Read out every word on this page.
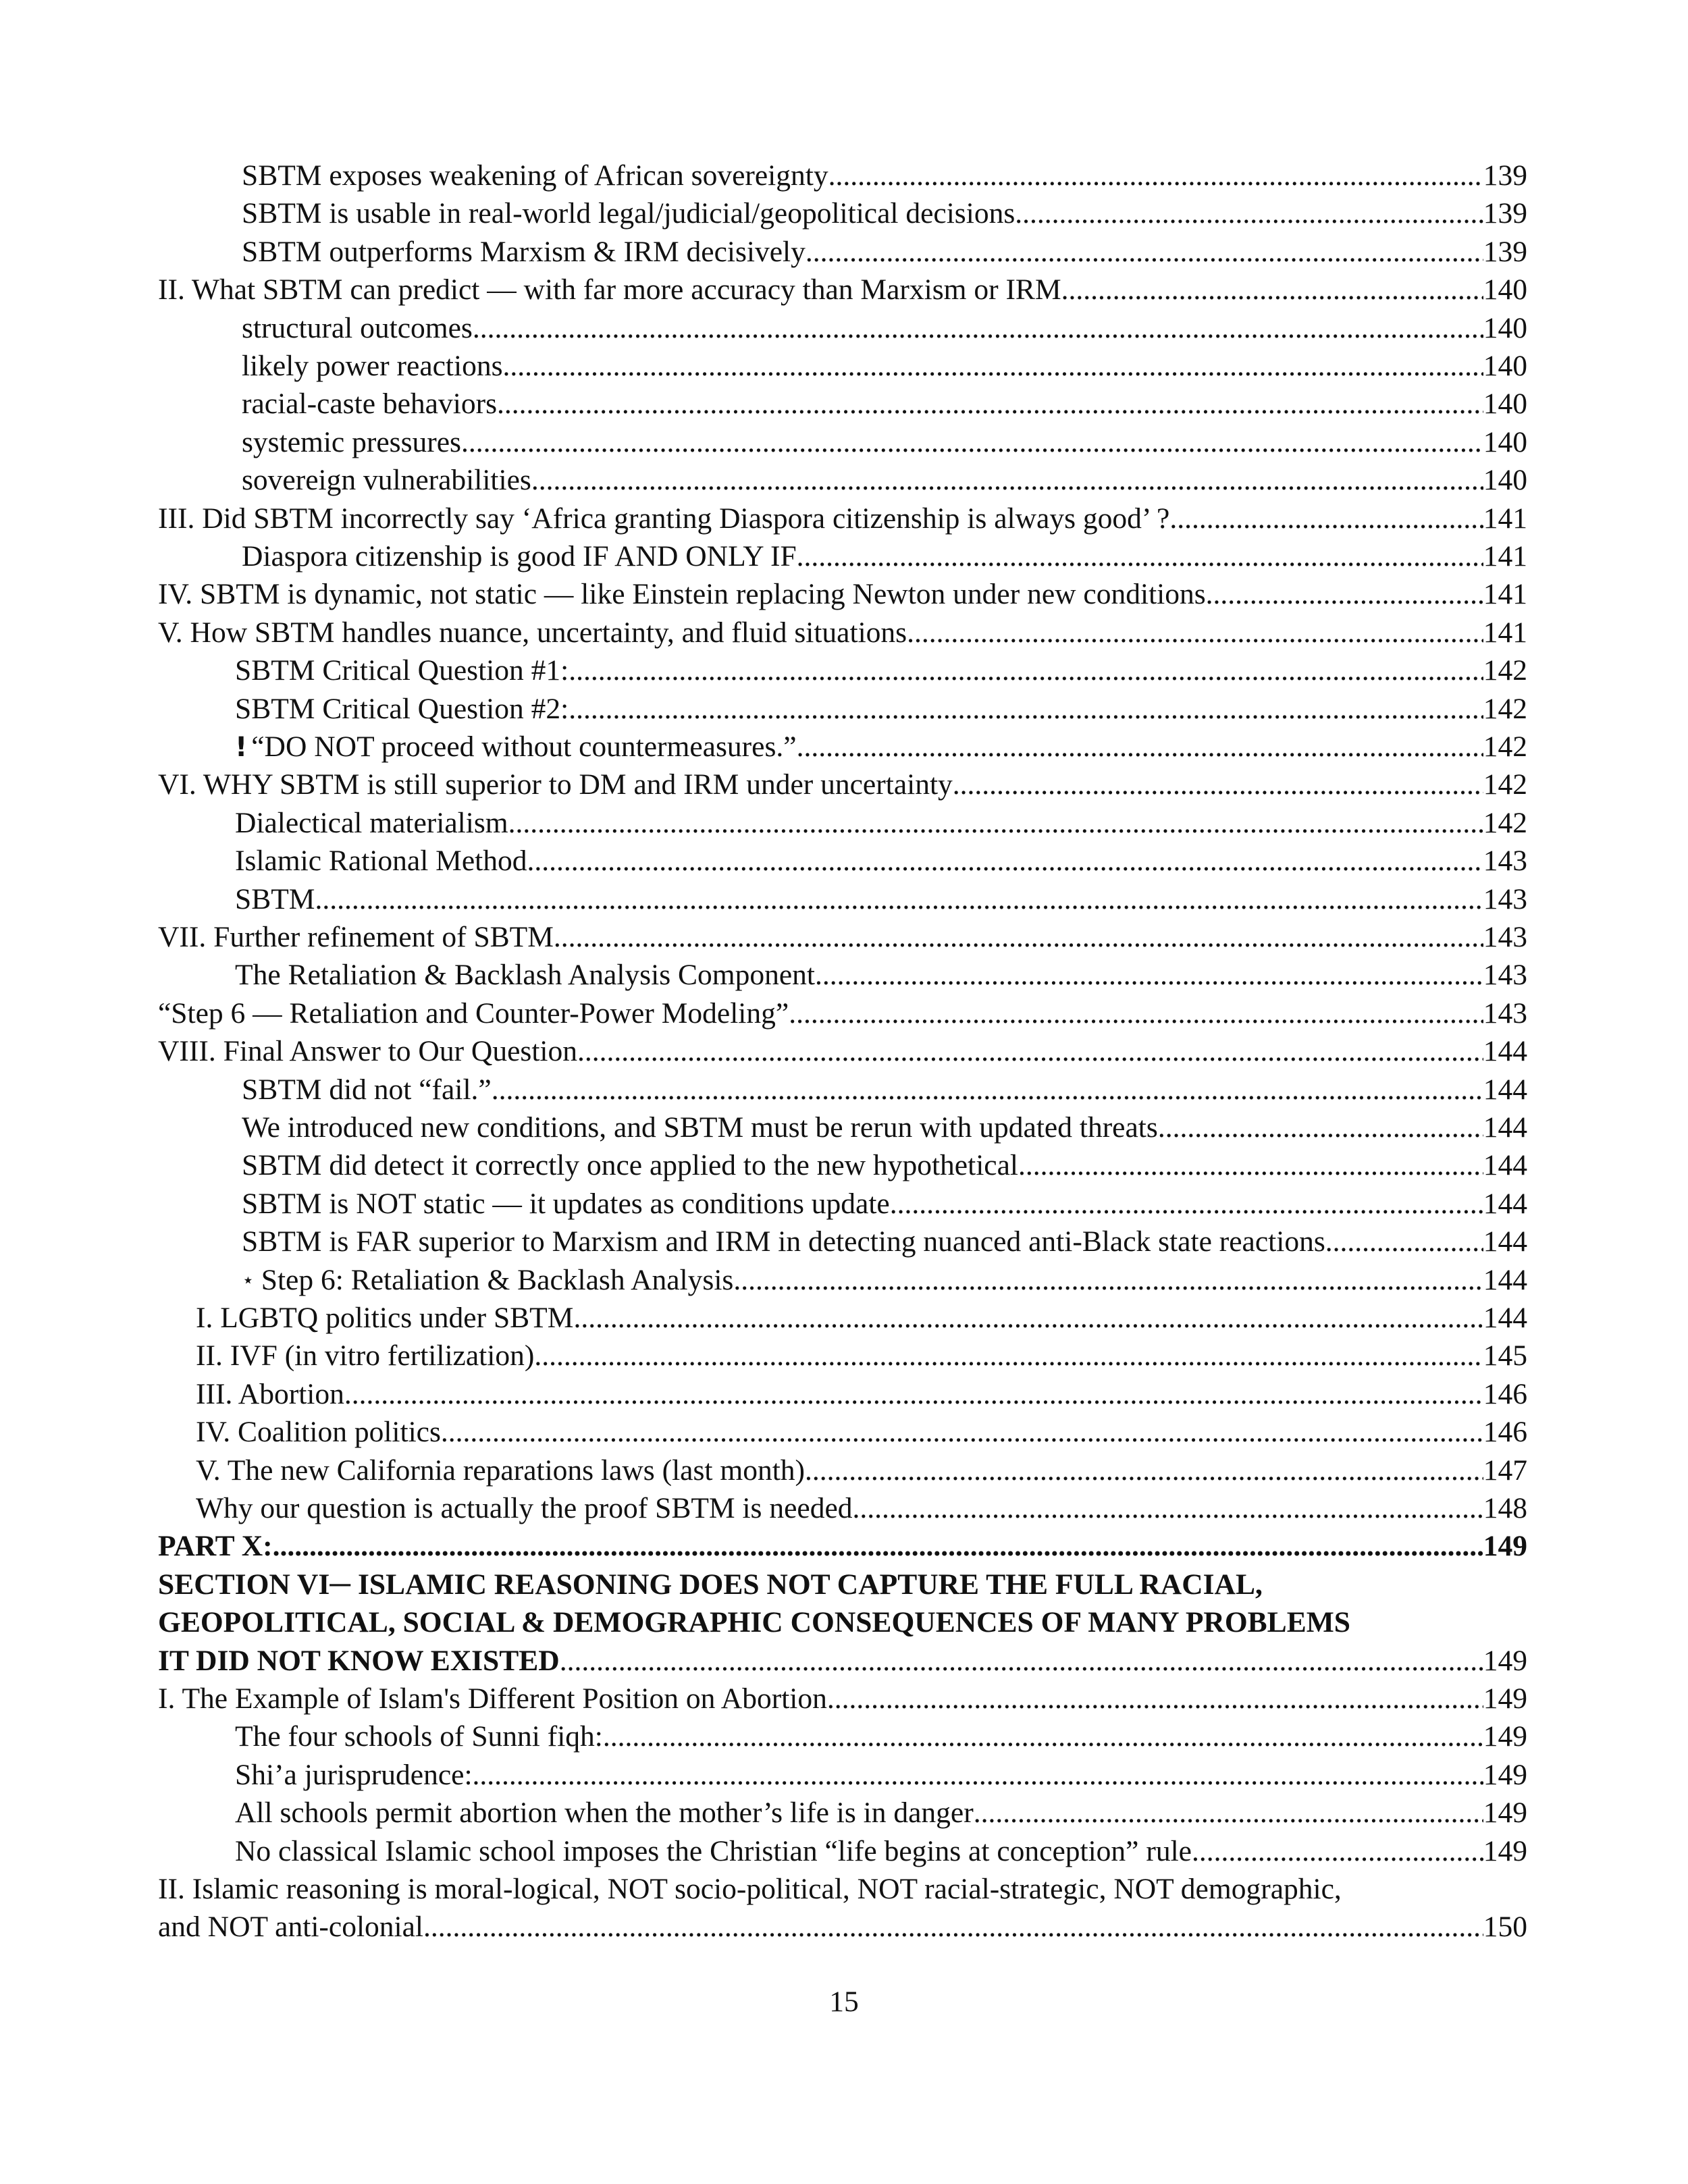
SBTM exposes weakening of African sovereignty .....	139
SBTM is usable in real-world legal/judicial/geopolitical decisions .....	139
SBTM outperforms Marxism & IRM decisively .....	139
II. What SBTM can predict — with far more accuracy than Marxism or IRM .....	140
structural outcomes .....	140
likely power reactions .....	140
racial-caste behaviors .....	140
systemic pressures .....	140
sovereign vulnerabilities .....	140
III. Did SBTM incorrectly say ‘Africa granting Diaspora citizenship is always good’ ? .....	141
Diaspora citizenship is good IF AND ONLY IF .....	141
IV. SBTM is dynamic, not static — like Einstein replacing Newton under new conditions .....	141
V. How SBTM handles nuance, uncertainty, and fluid situations .....	141
SBTM Critical Question #1: .....	142
SBTM Critical Question #2: .....	142
! “DO NOT proceed without countermeasures.” .....	142
VI. WHY SBTM is still superior to DM and IRM under uncertainty .....	142
Dialectical materialism .....	142
Islamic Rational Method .....	143
SBTM .....	143
VII. Further refinement of SBTM .....	143
The Retaliation & Backlash Analysis Component .....	143
“Step 6 — Retaliation and Counter-Power Modeling” .....	143
VIII. Final Answer to Our Question .....	144
SBTM did not “fail.” .....	144
We introduced new conditions, and SBTM must be rerun with updated threats .....	144
SBTM did detect it correctly once applied to the new hypothetical .....	144
SBTM is NOT static — it updates as conditions update .....	144
SBTM is FAR superior to Marxism and IRM in detecting nuanced anti-Black state reactions. .....	144
⋆ Step 6: Retaliation & Backlash Analysis .....	144
I. LGBTQ politics under SBTM .....	144
II. IVF (in vitro fertilization) .....	145
III. Abortion .....	146
IV. Coalition politics .....	146
V. The new California reparations laws (last month) .....	147
Why our question is actually the proof SBTM is needed .....	148
PART X: .....	149
SECTION VI─ ISLAMIC REASONING DOES NOT CAPTURE THE FULL RACIAL,
GEOPOLITICAL, SOCIAL & DEMOGRAPHIC CONSEQUENCES OF MANY PROBLEMS
IT DID NOT KNOW EXISTED .....	149
I. The Example of Islam's Different Position on Abortion .....	149
The four schools of Sunni fiqh: .....	149
Shi’a jurisprudence: .....	149
All schools permit abortion when the mother’s life is in danger .....	149
No classical Islamic school imposes the Christian “life begins at conception” rule .....	149
II. Islamic reasoning is moral-logical, NOT socio-political, NOT racial-strategic, NOT demographic,
and NOT anti-colonial .....	150
15
